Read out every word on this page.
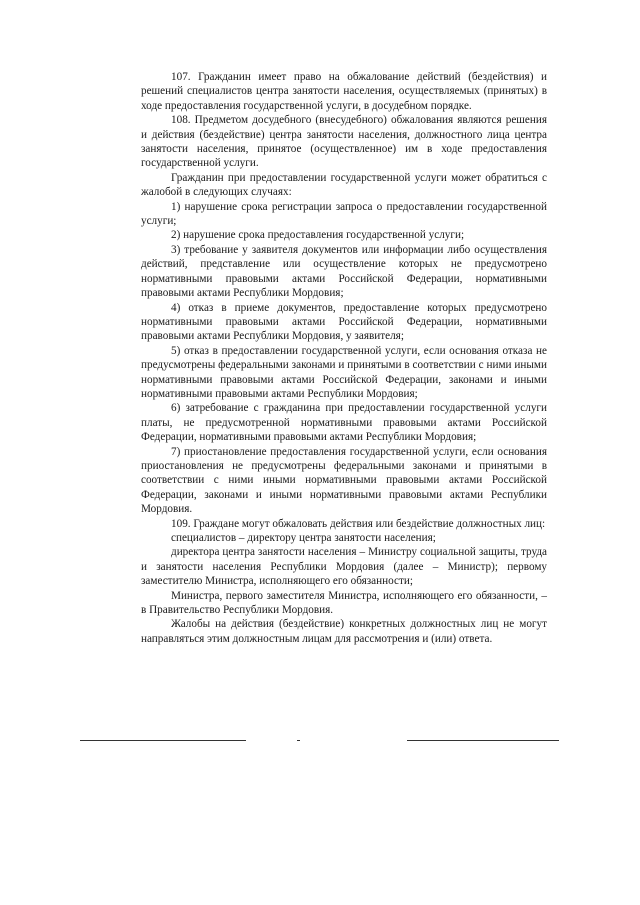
107. Гражданин имеет право на обжалование действий (бездействия) и решений специалистов центра занятости населения, осуществляемых (принятых) в ходе предоставления государственной услуги, в досудебном порядке.

108. Предметом досудебного (внесудебного) обжалования являются решения и действия (бездействие) центра занятости населения, должностного лица центра занятости населения, принятое (осуществленное) им в ходе предоставления государственной услуги.

Гражданин при предоставлении государственной услуги может обратиться с жалобой в следующих случаях:

1) нарушение срока регистрации запроса о предоставлении государственной услуги;

2) нарушение срока предоставления государственной услуги;

3) требование у заявителя документов или информации либо осуществления действий, представление или осуществление которых не предусмотрено нормативными правовыми актами Российской Федерации, нормативными правовыми актами Республики Мордовия;

4) отказ в приеме документов, предоставление которых предусмотрено нормативными правовыми актами Российской Федерации, нормативными правовыми актами Республики Мордовия, у заявителя;

5) отказ в предоставлении государственной услуги, если основания отказа не предусмотрены федеральными законами и принятыми в соответствии с ними иными нормативными правовыми актами Российской Федерации, законами и иными нормативными правовыми актами Республики Мордовия;

6) затребование с гражданина при предоставлении государственной услуги платы, не предусмотренной нормативными правовыми актами Российской Федерации, нормативными правовыми актами Республики Мордовия;

7) приостановление предоставления государственной услуги, если основания приостановления не предусмотрены федеральными законами и принятыми в соответствии с ними иными нормативными правовыми актами Российской Федерации, законами и иными нормативными правовыми актами Республики Мордовия.

109. Граждане могут обжаловать действия или бездействие должностных лиц:

специалистов – директору центра занятости населения;

директора центра занятости населения – Министру социальной защиты, труда и занятости населения Республики Мордовия (далее – Министр); первому заместителю Министра, исполняющего его обязанности;

Министра, первого заместителя Министра, исполняющего его обязанности, – в Правительство Республики Мордовия.

Жалобы на действия (бездействие) конкретных должностных лиц не могут направляться этим должностным лицам для рассмотрения и (или) ответа.
